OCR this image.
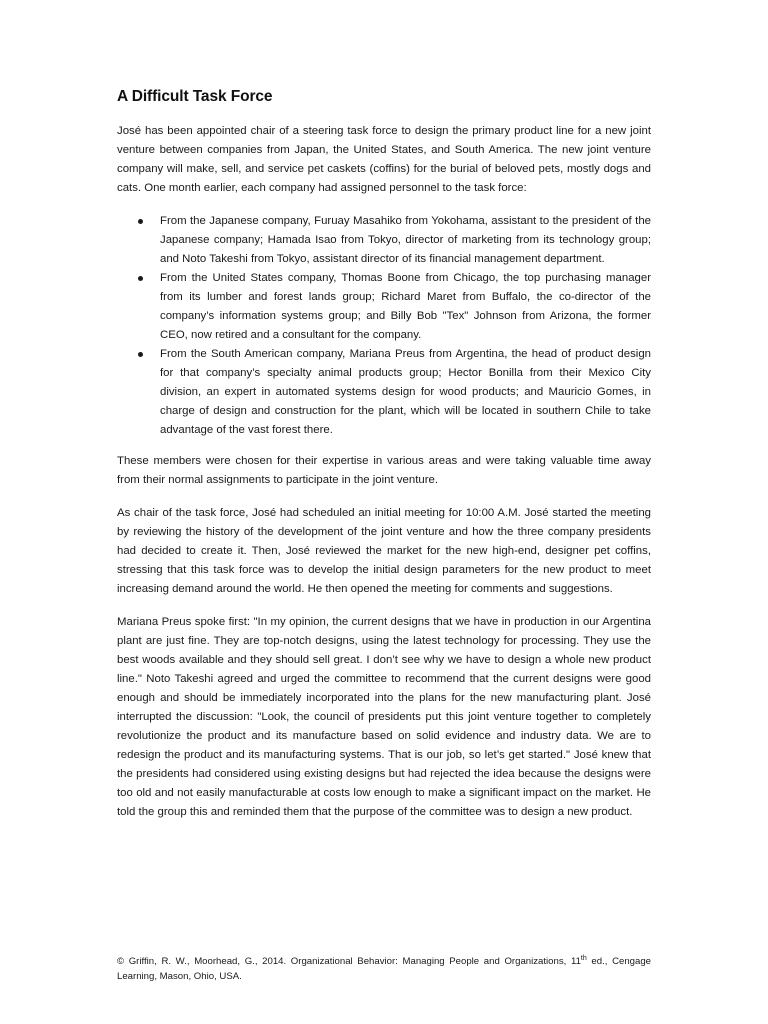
A Difficult Task Force

José has been appointed chair of a steering task force to design the primary product line for a new joint venture between companies from Japan, the United States, and South America. The new joint venture company will make, sell, and service pet caskets (coffins) for the burial of beloved pets, mostly dogs and cats. One month earlier, each company had assigned personnel to the task force:

From the Japanese company, Furuay Masahiko from Yokohama, assistant to the president of the Japanese company; Hamada Isao from Tokyo, director of marketing from its technology group; and Noto Takeshi from Tokyo, assistant director of its financial management department.
From the United States company, Thomas Boone from Chicago, the top purchasing manager from its lumber and forest lands group; Richard Maret from Buffalo, the co-director of the company’s information systems group; and Billy Bob "Tex" Johnson from Arizona, the former CEO, now retired and a consultant for the company.
From the South American company, Mariana Preus from Argentina, the head of product design for that company’s specialty animal products group; Hector Bonilla from their Mexico City division, an expert in automated systems design for wood products; and Mauricio Gomes, in charge of design and construction for the plant, which will be located in southern Chile to take advantage of the vast forest there.

These members were chosen for their expertise in various areas and were taking valuable time away from their normal assignments to participate in the joint venture.

As chair of the task force, José had scheduled an initial meeting for 10:00 A.M. José started the meeting by reviewing the history of the development of the joint venture and how the three company presidents had decided to create it. Then, José reviewed the market for the new high-end, designer pet coffins, stressing that this task force was to develop the initial design parameters for the new product to meet increasing demand around the world. He then opened the meeting for comments and suggestions.

Mariana Preus spoke first: "In my opinion, the current designs that we have in production in our Argentina plant are just fine. They are top-notch designs, using the latest technology for processing. They use the best woods available and they should sell great. I don’t see why we have to design a whole new product line." Noto Takeshi agreed and urged the committee to recommend that the current designs were good enough and should be immediately incorporated into the plans for the new manufacturing plant. José interrupted the discussion: "Look, the council of presidents put this joint venture together to completely revolutionize the product and its manufacture based on solid evidence and industry data. We are to redesign the product and its manufacturing systems. That is our job, so let’s get started." José knew that the presidents had considered using existing designs but had rejected the idea because the designs were too old and not easily manufacturable at costs low enough to make a significant impact on the market. He told the group this and reminded them that the purpose of the committee was to design a new product.

© Griffin, R. W., Moorhead, G., 2014. Organizational Behavior: Managing People and Organizations, 11th ed., Cengage Learning, Mason, Ohio, USA.
